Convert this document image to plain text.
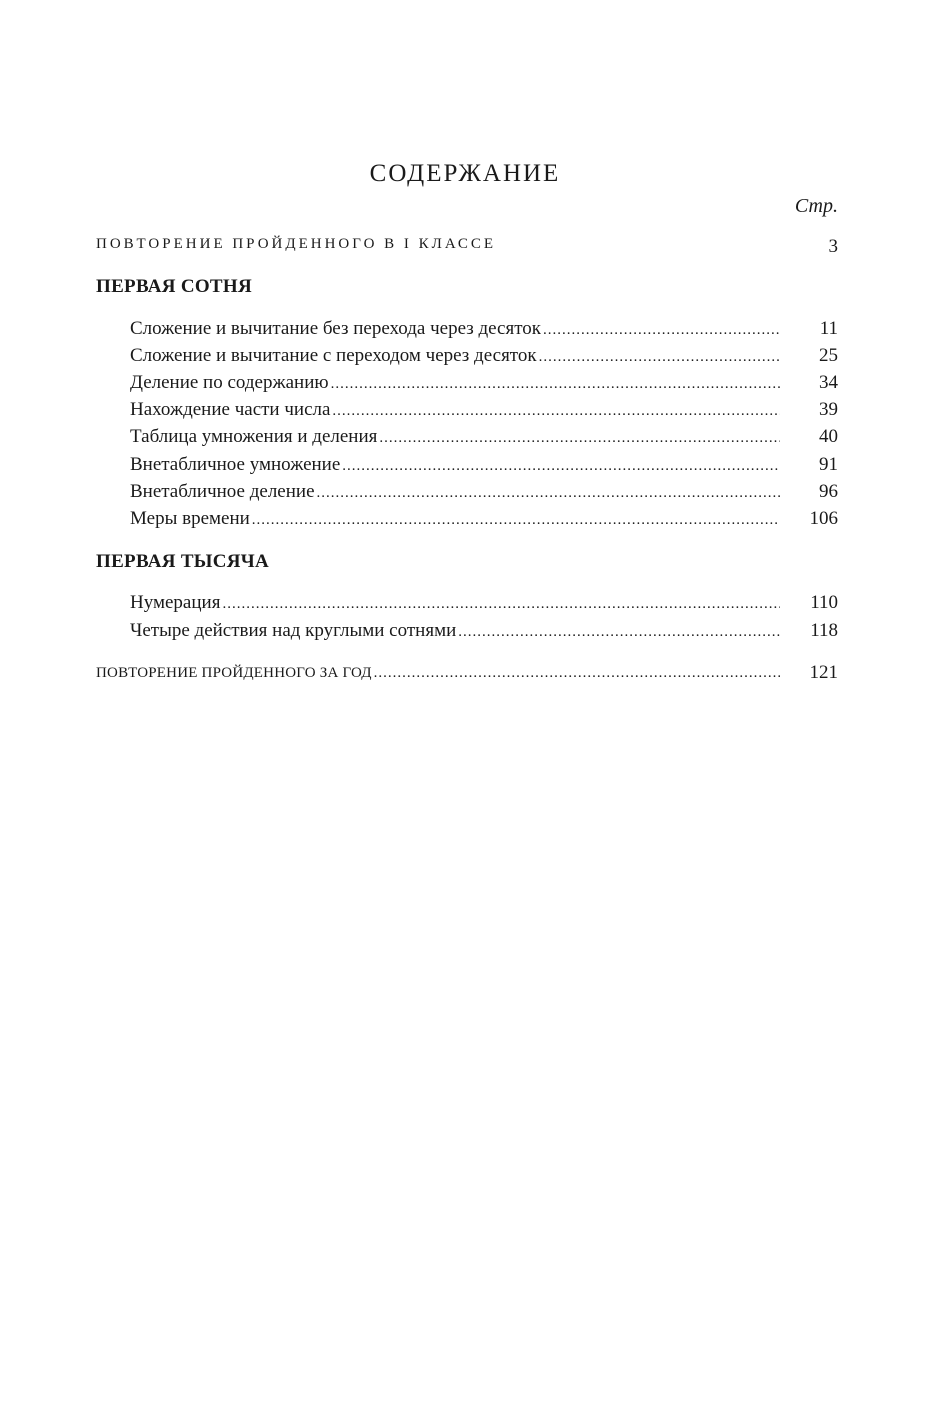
СОДЕРЖАНИЕ
Стр.
ПОВТОРЕНИЕ ПРОЙДЕННОГО В I КЛАССЕ	3
ПЕРВАЯ СОТНЯ
Сложение и вычитание без перехода через десяток .....	11
Сложение и вычитание с переходом через десяток .....	25
Деление по содержанию .....	34
Нахождение части числа .....	39
Таблица умножения и деления .....	40
Внетабличное умножение .....	91
Внетабличное деление .....	96
Меры времени .....	106
ПЕРВАЯ ТЫСЯЧА
Нумерация .....	110
Четыре действия над круглыми сотнями .....	118
ПОВТОРЕНИЕ ПРОЙДЕННОГО ЗА ГОД .....	121
